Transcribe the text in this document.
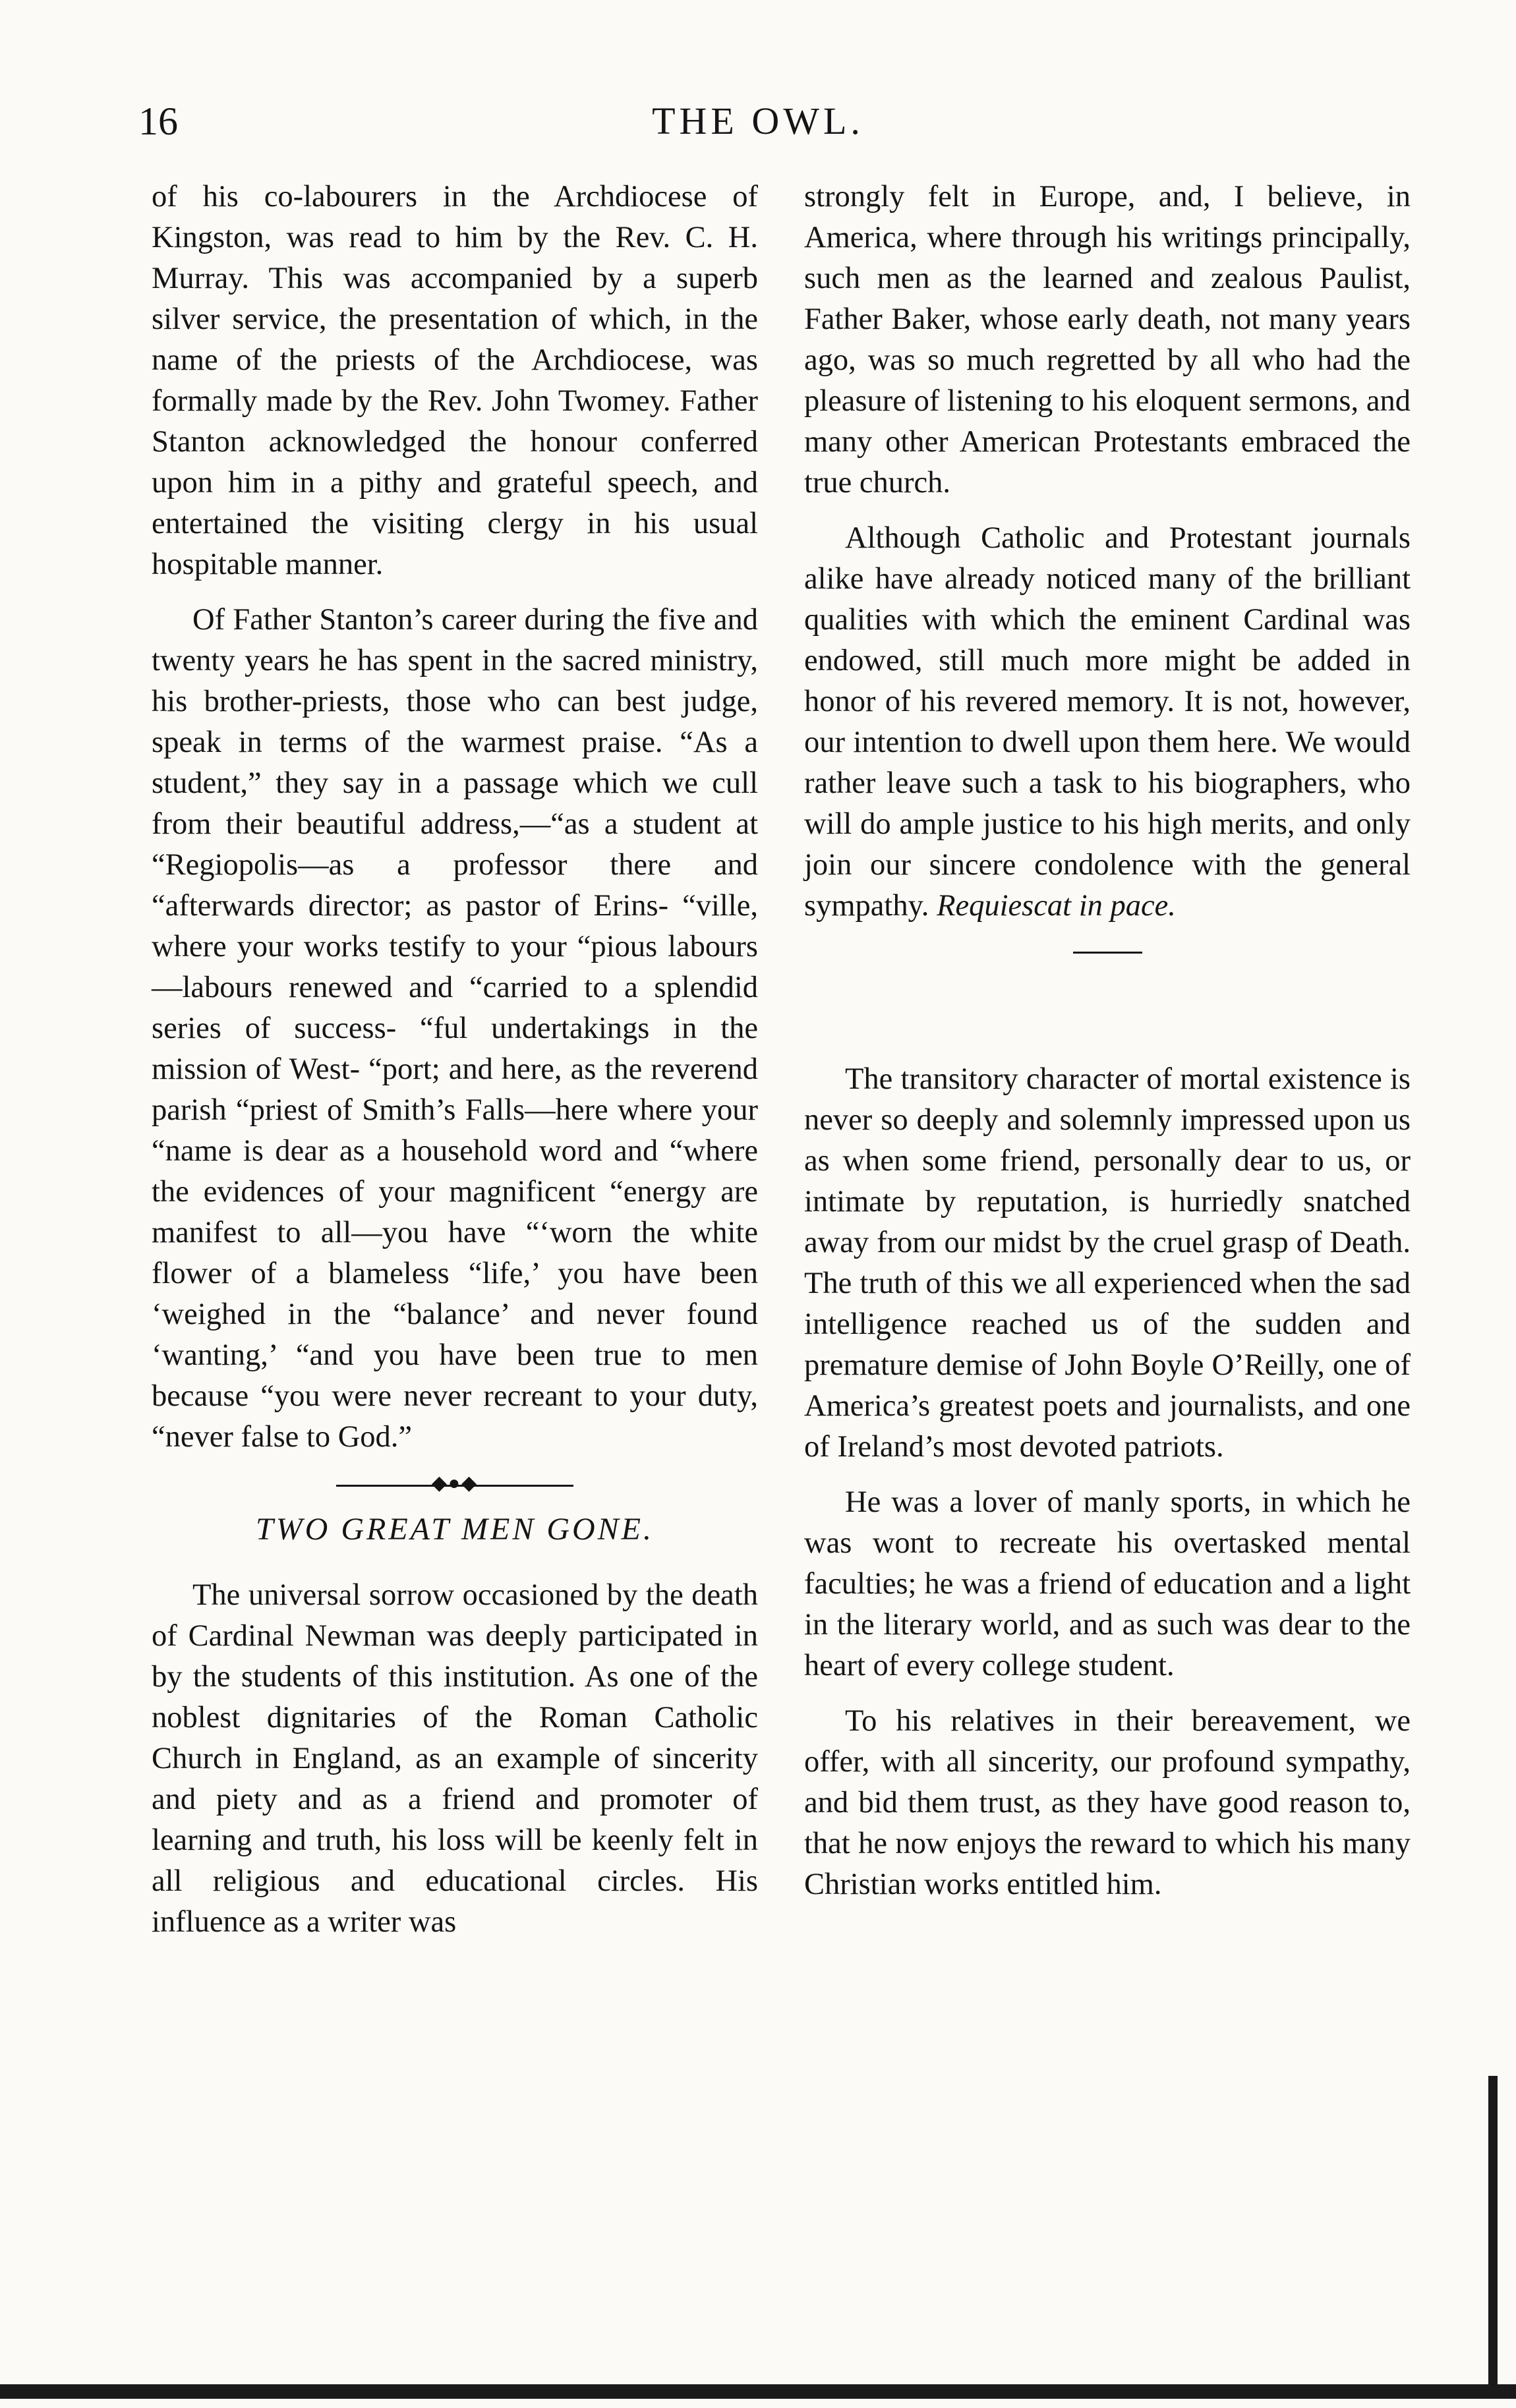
16	THE OWL.

of his co-labourers in the Archdiocese of Kingston, was read to him by the Rev. C. H. Murray. This was accompanied by a superb silver service, the presentation of which, in the name of the priests of the Archdiocese, was formally made by the Rev. John Twomey. Father Stanton acknowledged the honour conferred upon him in a pithy and grateful speech, and entertained the visiting clergy in his usual hospitable manner.

Of Father Stanton’s career during the five and twenty years he has spent in the sacred ministry, his brother-priests, those who can best judge, speak in terms of the warmest praise. “As a student,” they say in a passage which we cull from their beautiful address,—“as a student at “Regiopolis—as a professor there and “afterwards director; as pastor of Erins- “ville, where your works testify to your “pious labours—labours renewed and “carried to a splendid series of success- “ful undertakings in the mission of West- “port; and here, as the reverend parish “priest of Smith’s Falls—here where your “name is dear as a household word and “where the evidences of your magnificent “energy are manifest to all—you have “‘worn the white flower of a blameless “life,’ you have been ‘weighed in the “balance’ and never found ‘wanting,’ “and you have been true to men because “you were never recreant to your duty, “never false to God.”

◆●◆
TWO GREAT MEN GONE.

The universal sorrow occasioned by the death of Cardinal Newman was deeply participated in by the students of this institution. As one of the noblest dignitaries of the Roman Catholic Church in England, as an example of sincerity and piety and as a friend and promoter of learning and truth, his loss will be keenly felt in all religious and educational circles. His influence as a writer was

strongly felt in Europe, and, I believe, in America, where through his writings principally, such men as the learned and zealous Paulist, Father Baker, whose early death, not many years ago, was so much regretted by all who had the pleasure of listening to his eloquent sermons, and many other American Protestants embraced the true church.

Although Catholic and Protestant journals alike have already noticed many of the brilliant qualities with which the eminent Cardinal was endowed, still much more might be added in honor of his revered memory. It is not, however, our intention to dwell upon them here. We would rather leave such a task to his biographers, who will do ample justice to his high merits, and only join our sincere condolence with the general sympathy. Requiescat in pace.

The transitory character of mortal existence is never so deeply and solemnly impressed upon us as when some friend, personally dear to us, or intimate by reputation, is hurriedly snatched away from our midst by the cruel grasp of Death. The truth of this we all experienced when the sad intelligence reached us of the sudden and premature demise of John Boyle O’Reilly, one of America’s greatest poets and journalists, and one of Ireland’s most devoted patriots.

He was a lover of manly sports, in which he was wont to recreate his overtasked mental faculties; he was a friend of education and a light in the literary world, and as such was dear to the heart of every college student.

To his relatives in their bereavement, we offer, with all sincerity, our profound sympathy, and bid them trust, as they have good reason to, that he now enjoys the reward to which his many Christian works entitled him.
